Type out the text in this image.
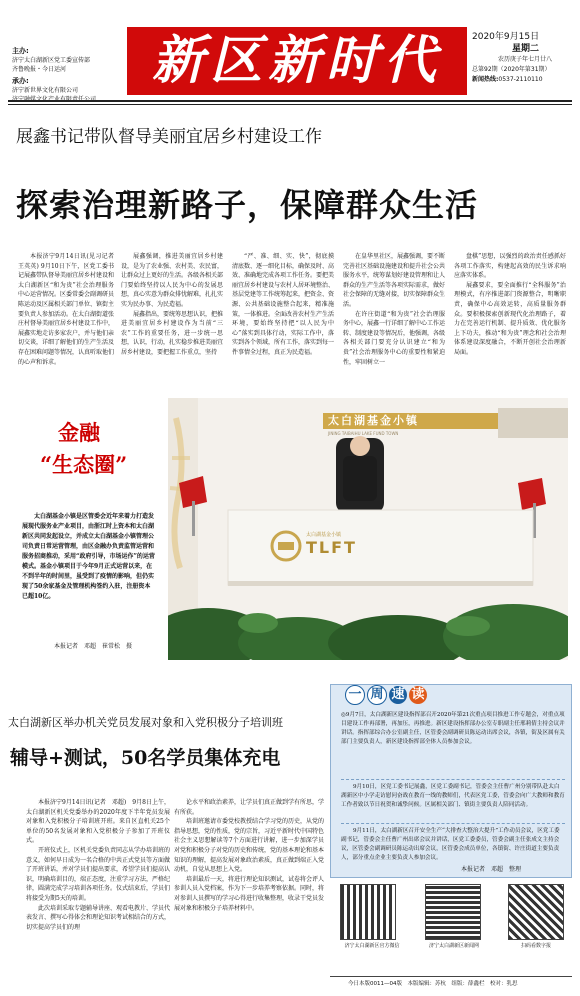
主办:
济宁太白湖新区党工委宣传部
齐鲁晚报・今日运河
承办:
济宁新世界文化有限公司	新区新时代	2020年9月15日
星期二
农历庚子年七月廿八
总第92期（2020年第31期）
新闻热线:0537-2110110
展鑫书记带队督导美丽宜居乡村建设工作
探索治理新路子，保障群众生活

本报济宁9月14日讯(见习记者 王英英) 9月10日下午，区党工委书记展鑫带队督导美丽宜居乡村建设和太白湖新区“和为贵”社会治理服务中心运营情况。区委常委会副调研员陈运动及区属相关部门单位、镇街主要负责人参加活动。在太白湖街道张庄村督导美丽宜居乡村建设工作中，展鑫实地走访多家农户，并与他们亲切交谈，详细了解他们的生产生活及存在困难问题等情况，认真听取他们的心声和诉求。

展鑫强调，推进美丽宜居乡村建设，是为了农业强、农村美、农民富，让群众过上更好的生活。各级各相关部门要始终坚持以人民为中心的发展思想，真心实意为群众排忧解难，扎扎实实为民办事、为民造福。

展鑫指出，要统筹思想认识，把推进美丽宜居乡村建设作为当前“三农”工作的重要任务，进一步统一思想，认识，行动，扎实稳步推进美丽宜居乡村建设，要把握工作重点，坚持

“严、准、细、实、快”，彻底摸清底数、逐一细化目标，确保及时、高效、准确地完成各项工作任务。要把美丽宜居乡村建设与农村人居环境整治、基层党建等工作统筹起来，把资金、资源、公共基础设施整合起来，精准施策，一体推进。全面改善农村生产生活环境，要始终坚持把“以人民为中心”落实到具体行动，实际工作中，落实到各个领域，所有工作，落实到每一件事情全过程，真正为民造福。

在皇华里社区，展鑫强调，要不断完善社区基础设施建设和提升社会公共服务水平，统筹谋划好建设管理和让人群众的生产生活等各项实际需求，做好社会保障的无缝对接，切实保障群众生活。

在许庄街道“和为贵”社会治理服务中心，展鑫一行详细了解中心工作运转、制度建设等情况后，他强调，各级各相关部门要充分认识建立“和为贵”社会治理服务中心的重要性和紧迫性，牢固树立一

盘棋”思想，以强烈的政治责任感抓好各项工作落实，构建起高效的民生诉求响应落实体系。

展鑫要求，要全面推行“全科服务”治理模式，有序推进部门资源整合，明晰职责，确保中心高效运转，高质量服务群众。要积极探索创新现代化治理路子，着力在完善运行机制、提升质效、优化服务上下功夫，推动“和为贵”理念和社会治理体系建设深度融合，不断开创社会治理新局面。

金融
“生态圈”
太白湖基金小镇是区管委会近年来着力打造发展现代服务业产业项目，由浙江时上资本和太白湖新区共同发起设立，并成立太白湖基金小镇管理公司负责日常运营管理，由区金融办负责监管运营和服务招商推动，采用“政府引导，市场运作”的运营模式。基金小镇项目于今年9月正式运营以来，在不到半年的时间里，虽受到了疫情的影响，但仍实现了50余家基金及管理机构签约入驻，注册资本已超10亿。
本报记者　邓超　崔常松　摄
太白湖基金小镇
JINING TAIBAIHU LAKE FUND TOWN
太白湖基金小镇
TLFT
太白湖新区举办机关党员发展对象和入党积极分子培训班
辅导+测试，50名学员集体充电

本报济宁9月14日讯(记者　邓超)　9月8日上午，太白湖新区机关党委举办的2020年度下半年党员发展对象和入党积极分子培训班开班。来自区直机关25个单位的50名发展对象和入党积极分子参加了开班仪式。

开班仪式上，区机关党委负责同志从学办培训班的意义，如何早日成为一名合格的中共正式党员等方面做了开班讲话，并对学员们提出要求，希望学员们提高认识，明确培训目的，端正态度，注重学习方法，严格纪律，圆满完成学习培训各项任务。仪式结束后，学员们将接受为期5天的培训。

此次培训采取专题辅导讲座、观看电教片、学员代表发言、撰写心得体会和理论知识考试相结合的方式，切实提高学员们的理

论水平和政治素养，让学员们真正做到学有所思，学有所获。

培训班邀请市委党校教授结合学习党的历史，从党的指导思想，党的性质，党的宗旨，习近平新时代中国特色社会主义思想解读等7个方面进行讲解，进一步加深学员对党和积极分子对党的历史和传统，党的基本理论和基本知识的理解，提高发展对象政治素质，真正做到端正入党动机，自觉从思想上入党。

培训最后一天，将进行理论知识测试，试卷将会评人参训人员入党档案，作为下一步培养考察依据。同时，将对参训人员撰写的学习心得进行收集整理，收录干党员发展对象和积极分子培养材料中。

一 周 速 读
◎9月7日，太白湖新区建设指挥部召开2020年第21次重点项目推进工作专题会，对重点项目建设工作再部署，再加压，再推进。新区建设指挥部办公室专职副主任邢莉倩主持会议并讲话。指挥部综合办公室副主任，区管委会副调研员陈运动出席会议，各镇，街及区属有关部门主要负责人，新区建设指挥部全体人员参加会议。
9月10日，区党工委书记展鑫，区党工委副书记，管委会主任曹广州分别带队赴太白湖新区中小学走访慰问奋战在教育一线的教师们，代表区党工委，管委会向广大教师和教育工作者致以节日祝贺和诚挚问候。区属相关部门、镇街主要负责人陪同活动。
9月11日，太白湖新区召开安全生产“大排查大整治大提升”工作动员会议，区党工委副书记，管委会主任曹广州出席会议并讲话，区党工委委员，管委会副主任张成文主持会议，区管委会副调研员陈运动出席会议，区管委会成员单位，各镇街、许庄街道主要负责人，部分重点企业主要负责人参加会议。
本报记者　邓超　整理
济宁太白湖新区官方微信	济宁太白湖新区新闻网	扫码看数字报
今日本版0011—04版　本版编辑：苏杭　组版：薛鑫栏　校对：乳思
